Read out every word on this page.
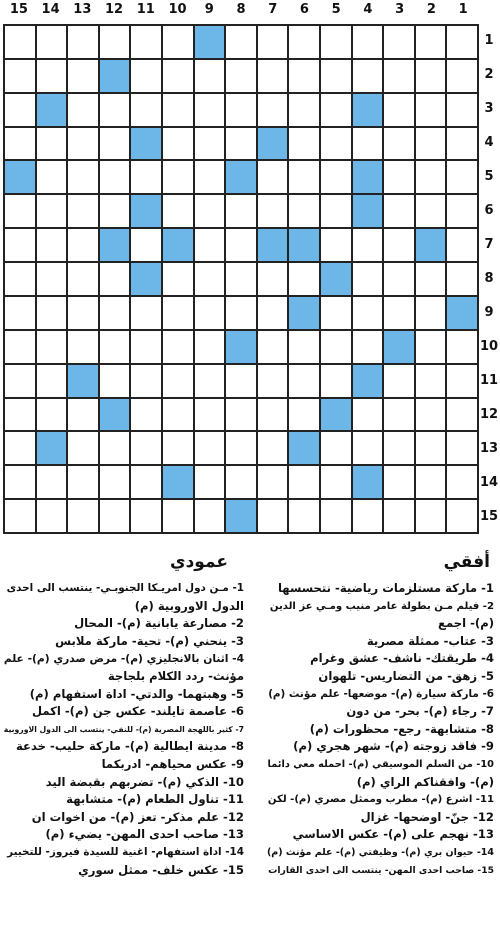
15	14	13	12	11	10	9	8	7	6	5	4	3	2	1
1
2
3
4
5
6
7
8
9
10
11
12
13
14
15
عمودي	أفقي
1- مـن دول امريـكا الجنوبـي- ينتسب الى احدى
الدول الاوروبية (م)
2- مصارعة يابانية (م)- المحال
3- ينحني (م)- تحية- ماركة ملابس
4- اثنان بالانجليزي (م)- مرض صدري (م)- علم
مؤنث- ردد الكلام بلجاجة
5- وهبتهما- والدتي- اداة استفهام (م)
6- عاصمة تايلند- عكس جن (م)- اكمل
7- كثير باللهجة المصرية (م)- للنفي- ينتسب الى الدول الاوروبية
8- مدينة ايطالية (م)- ماركة حليب- خدعة
9- عكس محياهم- ادربكما
10- الذكي (م)- تضربهم بقبضة اليد
11- تناول الطعام (م)- متشابهة
12- علم مذكر- تعز (م)- من اخوات ان
13- صاحب احدى المهن- يضيء (م)
14- اداة استفهام- اغنية للسيدة فيروز- للتخيير
15- عكس خلف- ممثل سوري
1- ماركة مستلزمات رياضية- نتحسسها
2- فيلم مـن بطولة عامر منيب ومـي عز الدين
(م)- اجمع
3- عتاب- ممثلة مصرية
4- طريقتك- ناشف- عشق وغرام
5- زهق- من التضاريس- تلهوان
6- ماركة سيارة (م)- موضعها- علم مؤنث (م)
7- رجاء (م)- بحر- من دون
8- متشابهة- رجع- محظورات (م)
9- فاقد زوجته (م)- شهر هجري (م)
10- من السلم الموسيقي (م)- احمله معي دائما
(م)- وافقناكم الراي (م)
11- اشرع (م)- مطرب وممثل مصري (م)- لكن
12- جنّ- اوضحها- غزال
13- نهجم على (م)- عكس الاساسي
14- حيوان بري (م)- وظيفتي (م)- علم مؤنث (م)
15- صاحب احدى المهن- ينتسب الى احدى القارات
